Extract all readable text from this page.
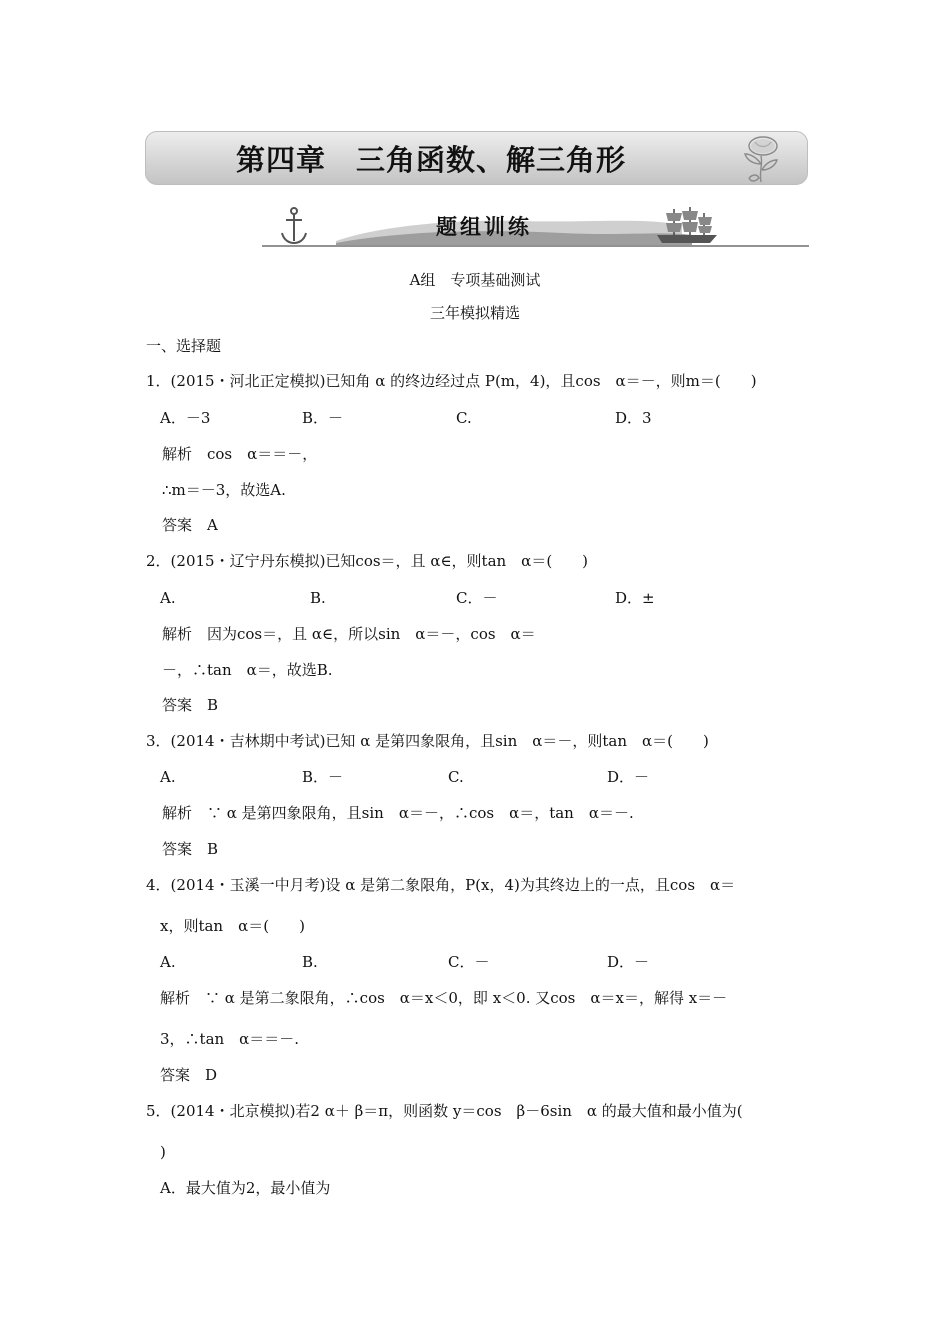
第四章　三角函数、解三角形
题组训练
A组　专项基础测试
三年模拟精选
一、选择题
1．(2015・河北正定模拟)已知角 α 的终边经过点 P(m，4)，且cos　α＝－，则m＝(　　)
A．－3	B．－	C.	D．3
解析　cos　α＝＝－，
∴m＝－3，故选A.
答案　A
2．(2015・辽宁丹东模拟)已知cos＝，且 α∈，则tan　α＝(　　)
A.	B.	C．－	D．±
解析　因为cos＝，且 α∈，所以sin　α＝－，cos　α＝
－，∴tan　α＝，故选B.
答案　B
3．(2014・吉林期中考试)已知 α 是第四象限角，且sin　α＝－，则tan　α＝(　　)
A.	B．－	C.	D．－
解析　∵ α 是第四象限角，且sin　α＝－，∴cos　α＝，tan　α＝－.
答案　B
4．(2014・玉溪一中月考)设 α 是第二象限角，P(x，4)为其终边上的一点，且cos　α＝
x，则tan　α＝(　　)
A.	B.	C．－	D．－
解析　∵ α 是第二象限角，∴cos　α＝x＜0，即 x＜0. 又cos　α＝x＝，解得 x＝－
3，∴tan　α＝＝－.
答案　D
5．(2014・北京模拟)若2 α＋ β＝π，则函数 y＝cos　β－6sin　α 的最大值和最小值为(
)
A．最大值为2，最小值为
